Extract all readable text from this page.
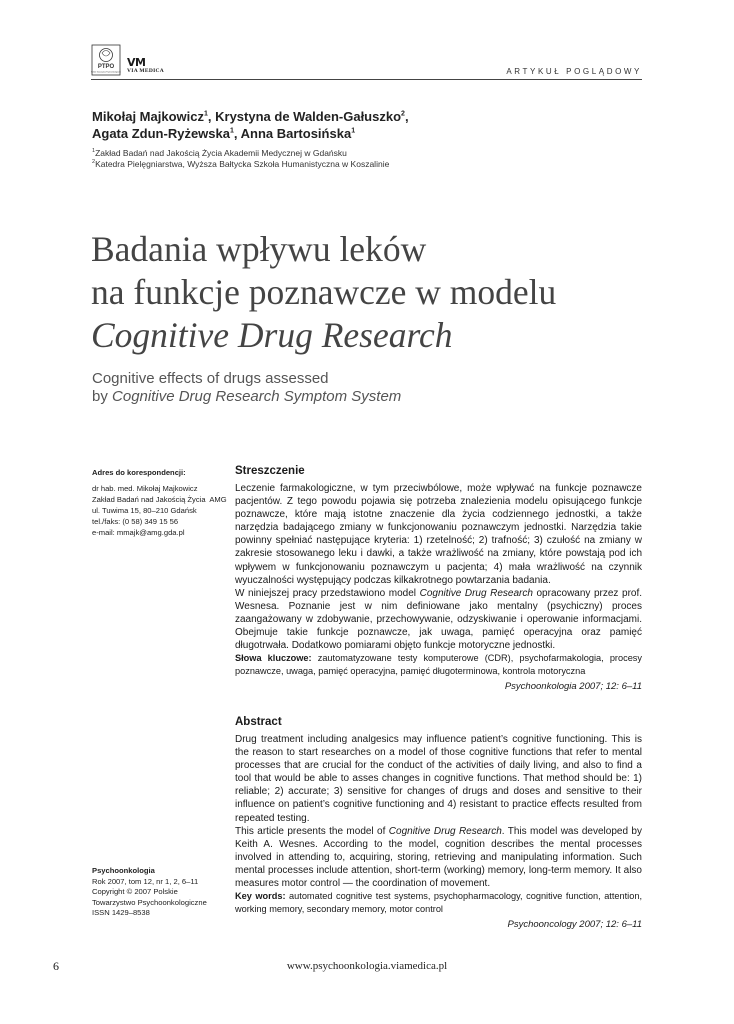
PTPO
Polskie Towarzystwo Psychoonkologiczne
VM
VIA MEDICA	ARTYKUŁ POGLĄDOWY
Mikołaj Majkowicz$^1$, Krystyna de Walden-Gałuszko$^2$,
Agata Zdun-Ryżewska$^1$, Anna Bartosińska$^1$
$^1$Zakład Badań nad Jakością Życia Akademii Medycznej w Gdańsku
$^2$Katedra Pielęgniarstwa, Wyższa Bałtycka Szkoła Humanistyczna w Koszalinie
Badania wpływu leków
na funkcje poznawcze w modelu
Cognitive Drug Research
Cognitive effects of drugs assessed
by Cognitive Drug Research Symptom System
Adres do korespondencji:
dr hab. med. Mikołaj Majkowicz
Zakład Badań nad Jakością Życia  AMG
ul. Tuwima 15, 80–210 Gdańsk
tel./faks: (0 58) 349 15 56
e-mail: mmajk@amg.gda.pl
Psychoonkologia
Rok 2007, tom 12, nr 1, 2, 6–11
Copyright © 2007 Polskie
Towarzystwo Psychoonkologiczne
ISSN 1429–8538
Streszczenie

Leczenie farmakologiczne, w tym przeciwbólowe, może wpływać na funkcje poznawcze pacjentów. Z tego powodu pojawia się potrzeba znalezienia modelu opisującego funkcje poznawcze, które mają istotne znaczenie dla życia codziennego jednostki, a także narzędzia badającego zmiany w funkcjonowaniu poznawczym jednostki. Narzędzia takie powinny spełniać następujące kryteria: 1) rzetelność; 2) trafność; 3) czułość na zmiany w zakresie stosowanego leku i dawki, a także wrażliwość na zmiany, które powstają pod ich wpływem w funkcjonowaniu poznawczym u pacjenta; 4) mała wrażliwość na czynnik wyuczalności występujący podczas kilkakrotnego powtarzania badania.

W niniejszej pracy przedstawiono model Cognitive Drug Research opracowany przez prof. Wesnesa. Poznanie jest w nim definiowane jako mentalny (psychiczny) proces zaangażowany w zdobywanie, przechowywanie, odzyskiwanie i operowanie informacjami. Obejmuje takie funkcje poznawcze, jak uwaga, pamięć operacyjna oraz pamięć długotrwała. Dodatkowo pomiarami objęto funkcje motoryczne jednostki.

Słowa kluczowe: zautomatyzowane testy komputerowe (CDR), psychofarmakologia, procesy poznawcze, uwaga, pamięć operacyjna, pamięć długoterminowa, kontrola motoryczna

Psychoonkologia 2007; 12: 6–11

Abstract

Drug treatment including analgesics may influence patient’s cognitive functioning. This is the reason to start researches on a model of those cognitive functions that refer to mental processes that are crucial for the conduct of the activities of daily living, and also to find a tool that would be able to asses changes in cognitive functions. That method should be: 1) reliable; 2) accurate; 3) sensitive for changes of drugs and doses and sensitive to their influence on patient’s cognitive functioning and 4) resistant to practice effects resulted from repeated testing.

This article presents the model of Cognitive Drug Research. This model was developed by Keith A. Wesnes. According to the model, cognition describes the mental processes involved in attending to, acquiring, storing, retrieving and manipulating information. Such mental processes include attention, short-term (working) memory, long-term memory. It also measures motor control — the coordination of movement.

Key words: automated cognitive test systems, psychopharmacology, cognitive function, attention, working memory, secondary memory, motor control

Psychooncology 2007; 12: 6–11

6	www.psychoonkologia.viamedica.pl
